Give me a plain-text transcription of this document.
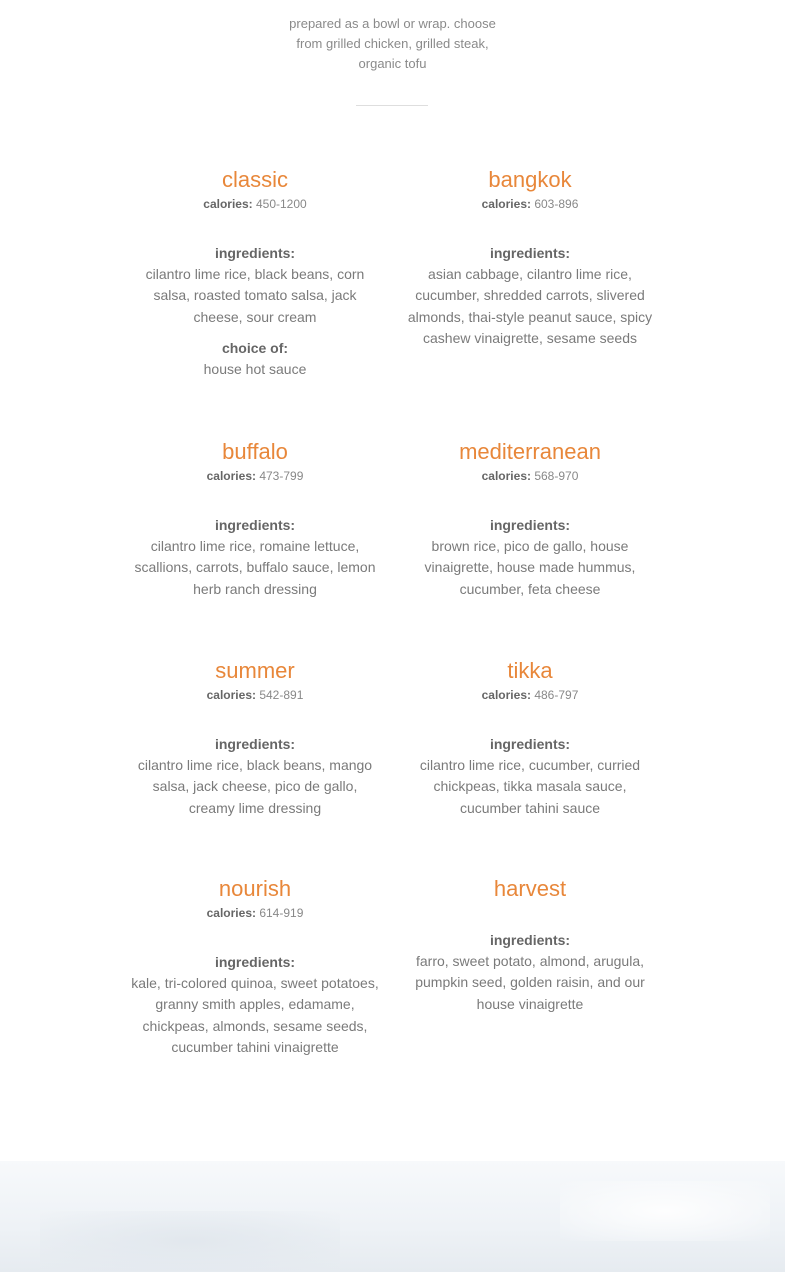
prepared as a bowl or wrap. choose
from grilled chicken, grilled steak,
organic tofu
classic
calories: 450-1200
ingredients:
cilantro lime rice, black beans, corn salsa, roasted tomato salsa, jack cheese, sour cream
choice of:
house hot sauce
bangkok
calories: 603-896
ingredients:
asian cabbage, cilantro lime rice, cucumber, shredded carrots, slivered almonds, thai-style peanut sauce, spicy cashew vinaigrette, sesame seeds
buffalo
calories: 473-799
ingredients:
cilantro lime rice, romaine lettuce, scallions, carrots, buffalo sauce, lemon herb ranch dressing
mediterranean
calories: 568-970
ingredients:
brown rice, pico de gallo, house vinaigrette, house made hummus, cucumber, feta cheese
summer
calories: 542-891
ingredients:
cilantro lime rice, black beans, mango salsa, jack cheese, pico de gallo, creamy lime dressing
tikka
calories: 486-797
ingredients:
cilantro lime rice, cucumber, curried chickpeas, tikka masala sauce, cucumber tahini sauce
nourish
calories: 614-919
ingredients:
kale, tri-colored quinoa, sweet potatoes, granny smith apples, edamame, chickpeas, almonds, sesame seeds, cucumber tahini vinaigrette
harvest
ingredients:
farro, sweet potato, almond, arugula, pumpkin seed, golden raisin, and our house vinaigrette
